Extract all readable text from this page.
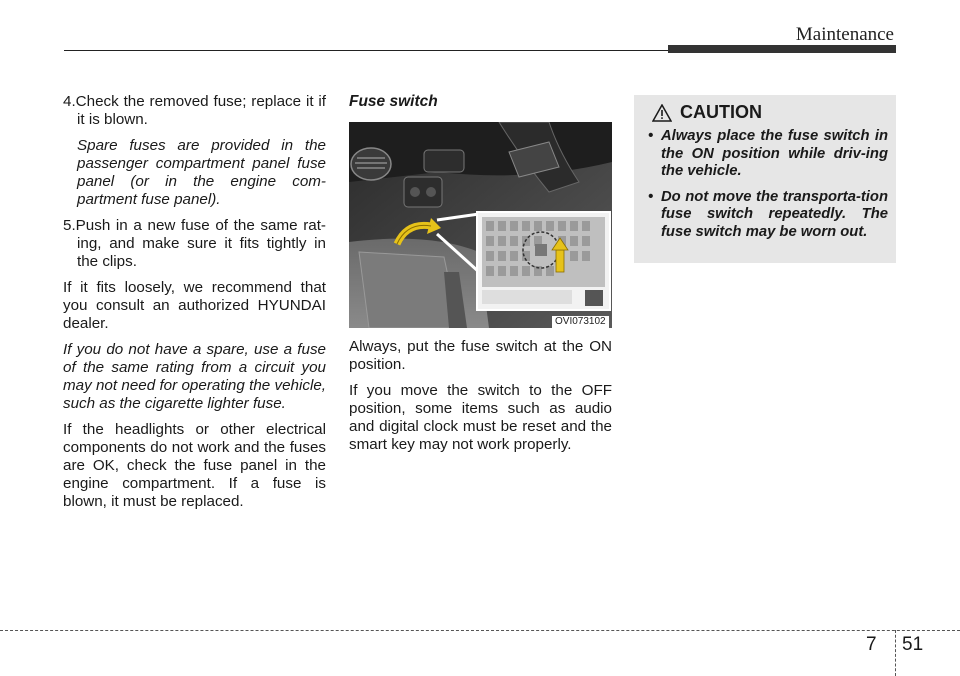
Maintenance

4.Check the removed fuse; replace it if it is blown.

Spare fuses are provided in the passenger compartment panel fuse panel (or in the engine com-partment fuse panel).

5.Push in a new fuse of the same rat-ing, and make sure it fits tightly in the clips.

If it fits loosely, we recommend that you consult an authorized HYUNDAI dealer.

If you do not have a spare, use a fuse of the same rating from a circuit you may not need for operating the vehicle, such as the cigarette lighter fuse.

If the headlights or other electrical components do not work and the fuses are OK, check the fuse panel in the engine compartment. If a fuse is blown, it must be replaced.

Fuse switch
OVI073102

Always, put the fuse switch at the ON position.

If you move the switch to the OFF position, some items such as audio and digital clock must be reset and the smart key may not work properly.

CAUTION
• Always place the fuse switch in the ON position while driv-ing the vehicle.
• Do not move the transporta-tion fuse switch repeatedly. The fuse switch may be worn out.
7 51
